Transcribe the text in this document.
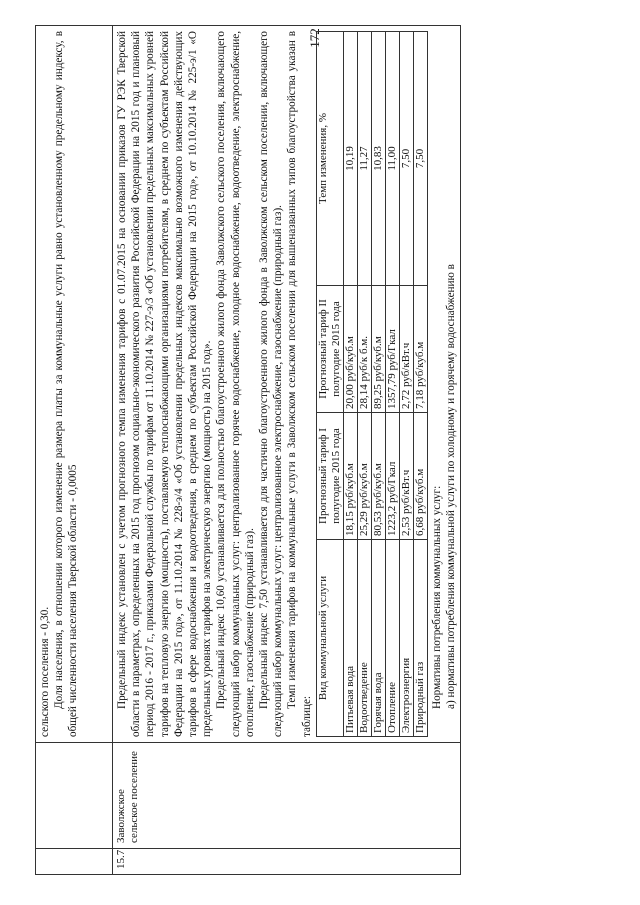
172

сельского поселения - 0,30. Доля населения, в отношении которого изменение размера платы за коммунальные услуги равно установленному предельному индексу, в общей численности населения Тверской области - 0,0005

15.7	Заволжское сельское поселение	

Предельный индекс установлен с учетом прогнозного темпа изменения тарифов с 01.07.2015 на основании приказов ГУ РЭК Тверской области в параметрах, определенных на 2015 год прогнозом социально-экономического развития Российской Федерации на 2015 год и плановый период 2016 - 2017 г., приказами Федеральной службы по тарифам от 11.10.2014 № 227-э/3 «Об установлении предельных максимальных уровней тарифов на тепловую энергию (мощность), поставляемую теплоснабжающими организациями потребителям, в среднем по субъектам Российской Федерации на 2015 год», от 11.10.2014 № 228-э/4 «Об установлении предельных индексов максимально возможного изменения действующих тарифов в сфере водоснабжения и водоотведения, в среднем по субъектам Российской Федерации на 2015 год», от 10.10.2014 № 225-э/1 «О предельных уровнях тарифов на электрическую энергию (мощность) на 2015 год». Предельный индекс 10,60 устанавливается для полностью благоустроенного жилого фонда Заволжского сельского поселения, включающего следующий набор коммунальных услуг: централизованное горячее водоснабжение, холодное водоснабжение, водоотведение, электроснабжение, отопление, газоснабжение (природный газ). Предельный индекс 7,50 устанавливается для частично благоустроенного жилого фонда в Заволжском сельском поселении, включающего следующий набор коммунальных услуг: централизованное электроснабжение, газоснабжение (природный газ). Темп изменения тарифов на коммунальные услуги в Заволжском сельском поселении для вышеназванных типов благоустройства указан в таблице:

Вид коммунальной услуги	Прогнозный тариф I полугодие 2015 года	Прогнозный тариф II полугодие 2015 года	Темп изменения, %
Питьевая вода	18,15 руб/куб.м	20,00 руб/куб.м	10,19
Водоотведение	25,29 руб/куб.м	28,14 руб/к б.м.	11,27
Горячая вода	80,53 руб/куб.м	89,25 руб/куб.м	10,83
Отопление	1223,2 руб/Гкал	1357,79 руб/Гкал	11,00
Электроэнергия	2,53 руб/кВт.ч	2,72 руб/кВт.ч	7,50
Природный газ	6,68 руб/куб.м	7,18 руб/куб.м	7,50

Нормативы потребления коммунальных услуг: а) нормативы потребления коммунальной услуги по холодному и горячему водоснабжению в
